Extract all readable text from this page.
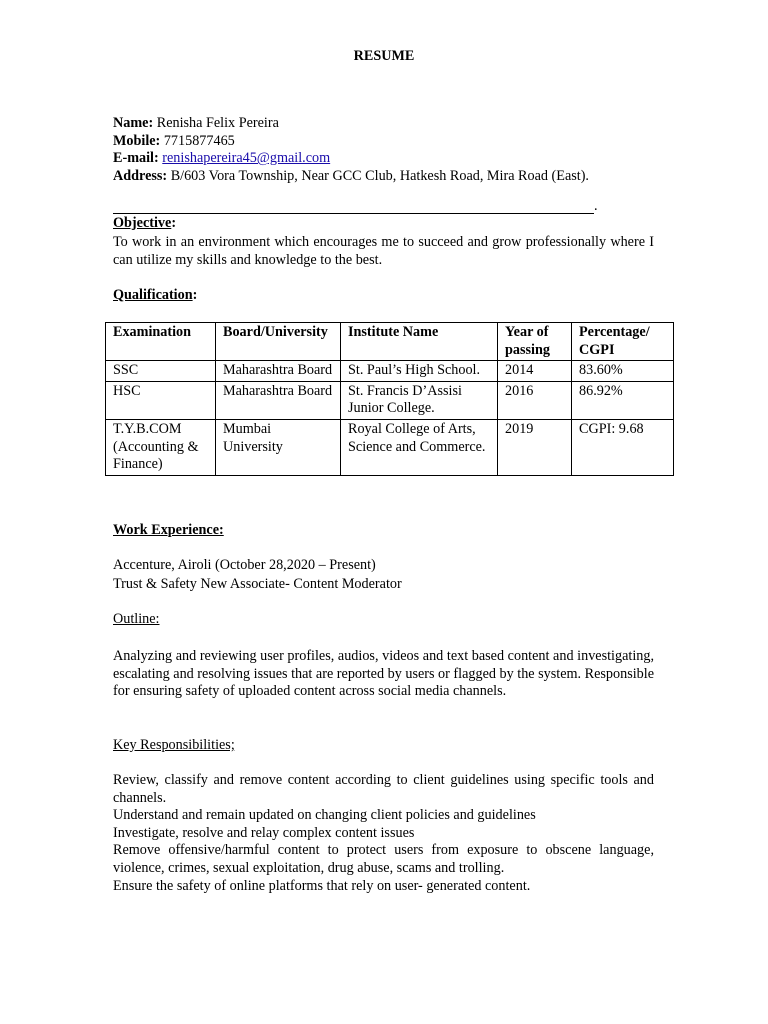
RESUME
Name: Renisha Felix Pereira
Mobile: 7715877465
E-mail: renishapereira45@gmail.com
Address: B/603 Vora Township, Near GCC Club, Hatkesh Road, Mira Road (East).
.
Objective:
To work in an environment which encourages me to succeed and grow professionally where I can utilize my skills and knowledge to the best.
Qualification:
Examination	Board/University	Institute Name	Year of passing	Percentage/ CGPI
SSC	Maharashtra Board	St. Paul’s High School.	2014	83.60%
HSC	Maharashtra Board	St. Francis D’Assisi Junior College.	2016	86.92%
T.Y.B.COM (Accounting & Finance)	Mumbai University	Royal College of Arts, Science and Commerce.	2019	CGPI: 9.68
Work Experience:
Accenture, Airoli (October 28,2020 – Present)
Trust & Safety New Associate- Content Moderator
Outline:
Analyzing and reviewing user profiles, audios, videos and text based content and investigating, escalating and resolving issues that are reported by users or flagged by the system. Responsible for ensuring safety of uploaded content across social media channels.
Key Responsibilities;
Review, classify and remove content according to client guidelines using specific tools and channels.
Understand and remain updated on changing client policies and guidelines
Investigate, resolve and relay complex content issues
Remove offensive/harmful content to protect users from exposure to obscene language, violence, crimes, sexual exploitation, drug abuse, scams and trolling.
Ensure the safety of online platforms that rely on user- generated content.
